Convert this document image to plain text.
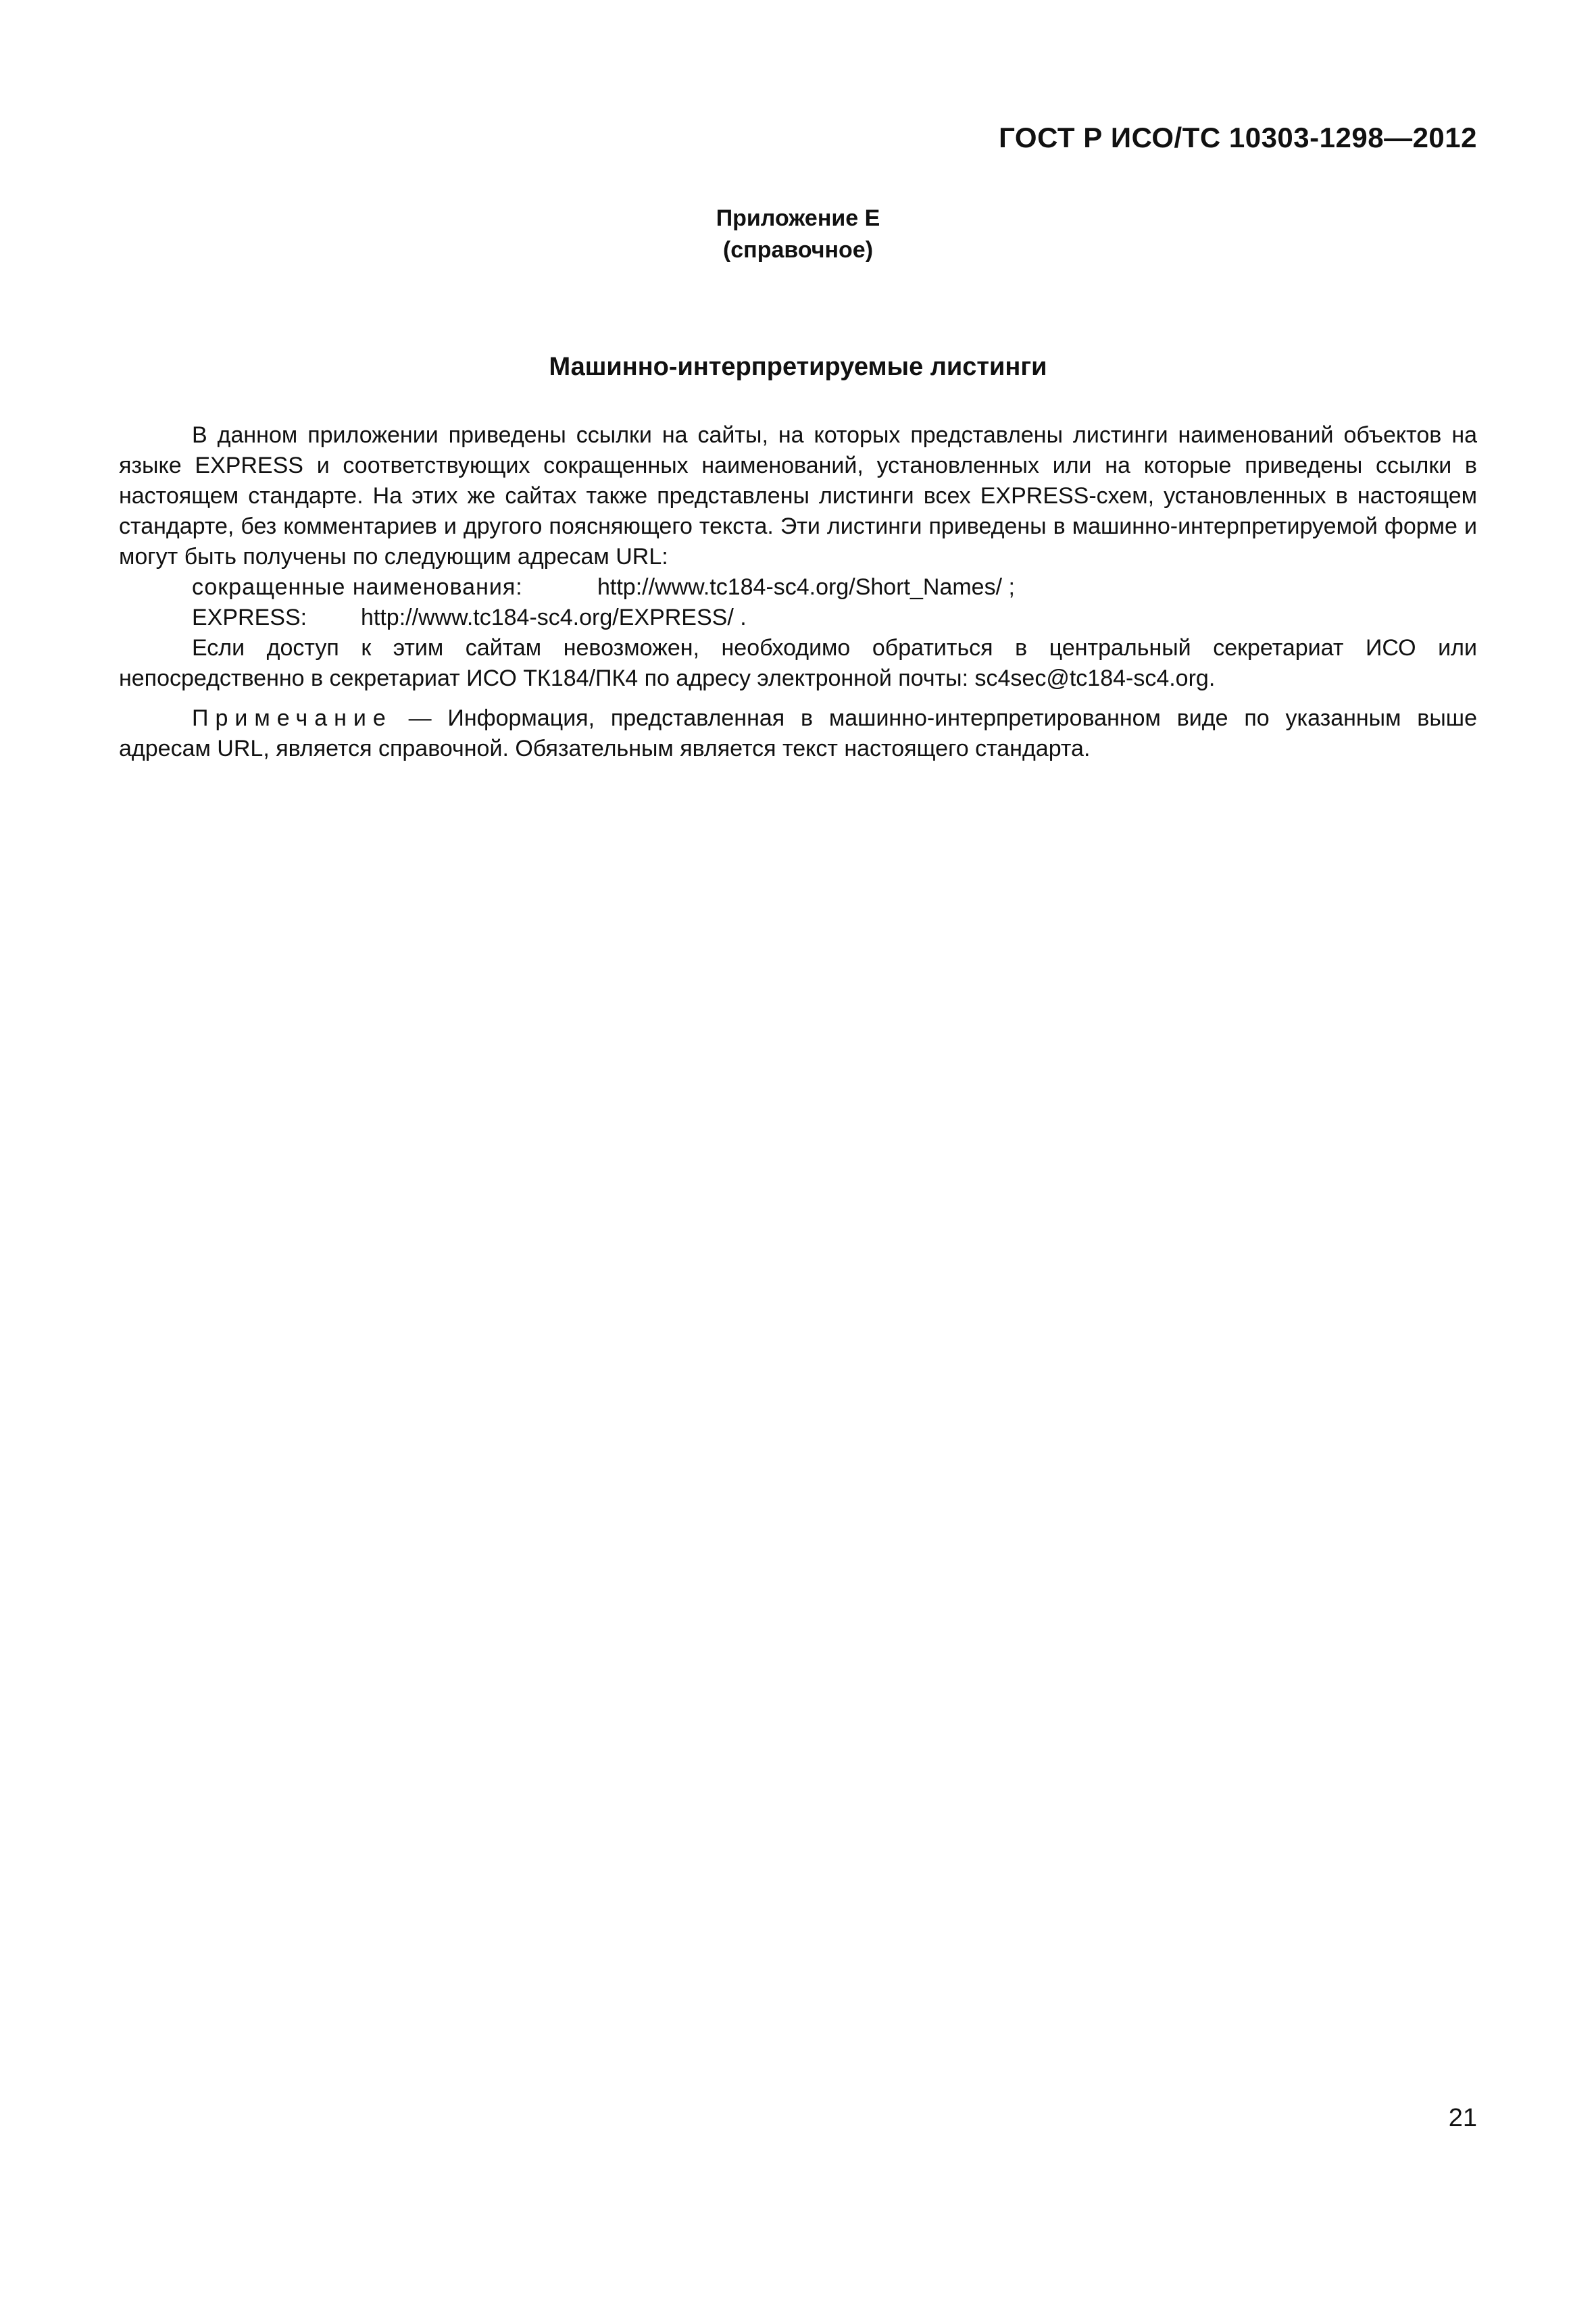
ГОСТ Р ИСО/ТС 10303-1298—2012
Приложение Е
(справочное)
Машинно-интерпретируемые листинги

В данном приложении приведены ссылки на сайты, на которых представлены листинги наименований объектов на языке EXPRESS и соответствующих сокращенных наименований, установленных или на которые приведены ссылки в настоящем стандарте. На этих же сайтах также представлены листинги всех EXPRESS-схем, установленных в настоящем стандарте, без комментариев и другого поясняющего текста. Эти листинги приведены в машинно-интерпретируемой форме и могут быть получены по следующим адресам URL:

сокращенные наименования:	http://www.tc184-sc4.org/Short_Names/ ;

EXPRESS: http://www.tc184-sc4.org/EXPRESS/ .

Если доступ к этим сайтам невозможен, необходимо обратиться в центральный секретариат ИСО или непосредственно в секретариат ИСО ТК184/ПК4 по адресу электронной почты: sc4sec@tc184-sc4.org.

Примечание — Информация, представленная в машинно-интерпретированном виде по указанным выше адресам URL, является справочной. Обязательным является текст настоящего стандарта.

21
